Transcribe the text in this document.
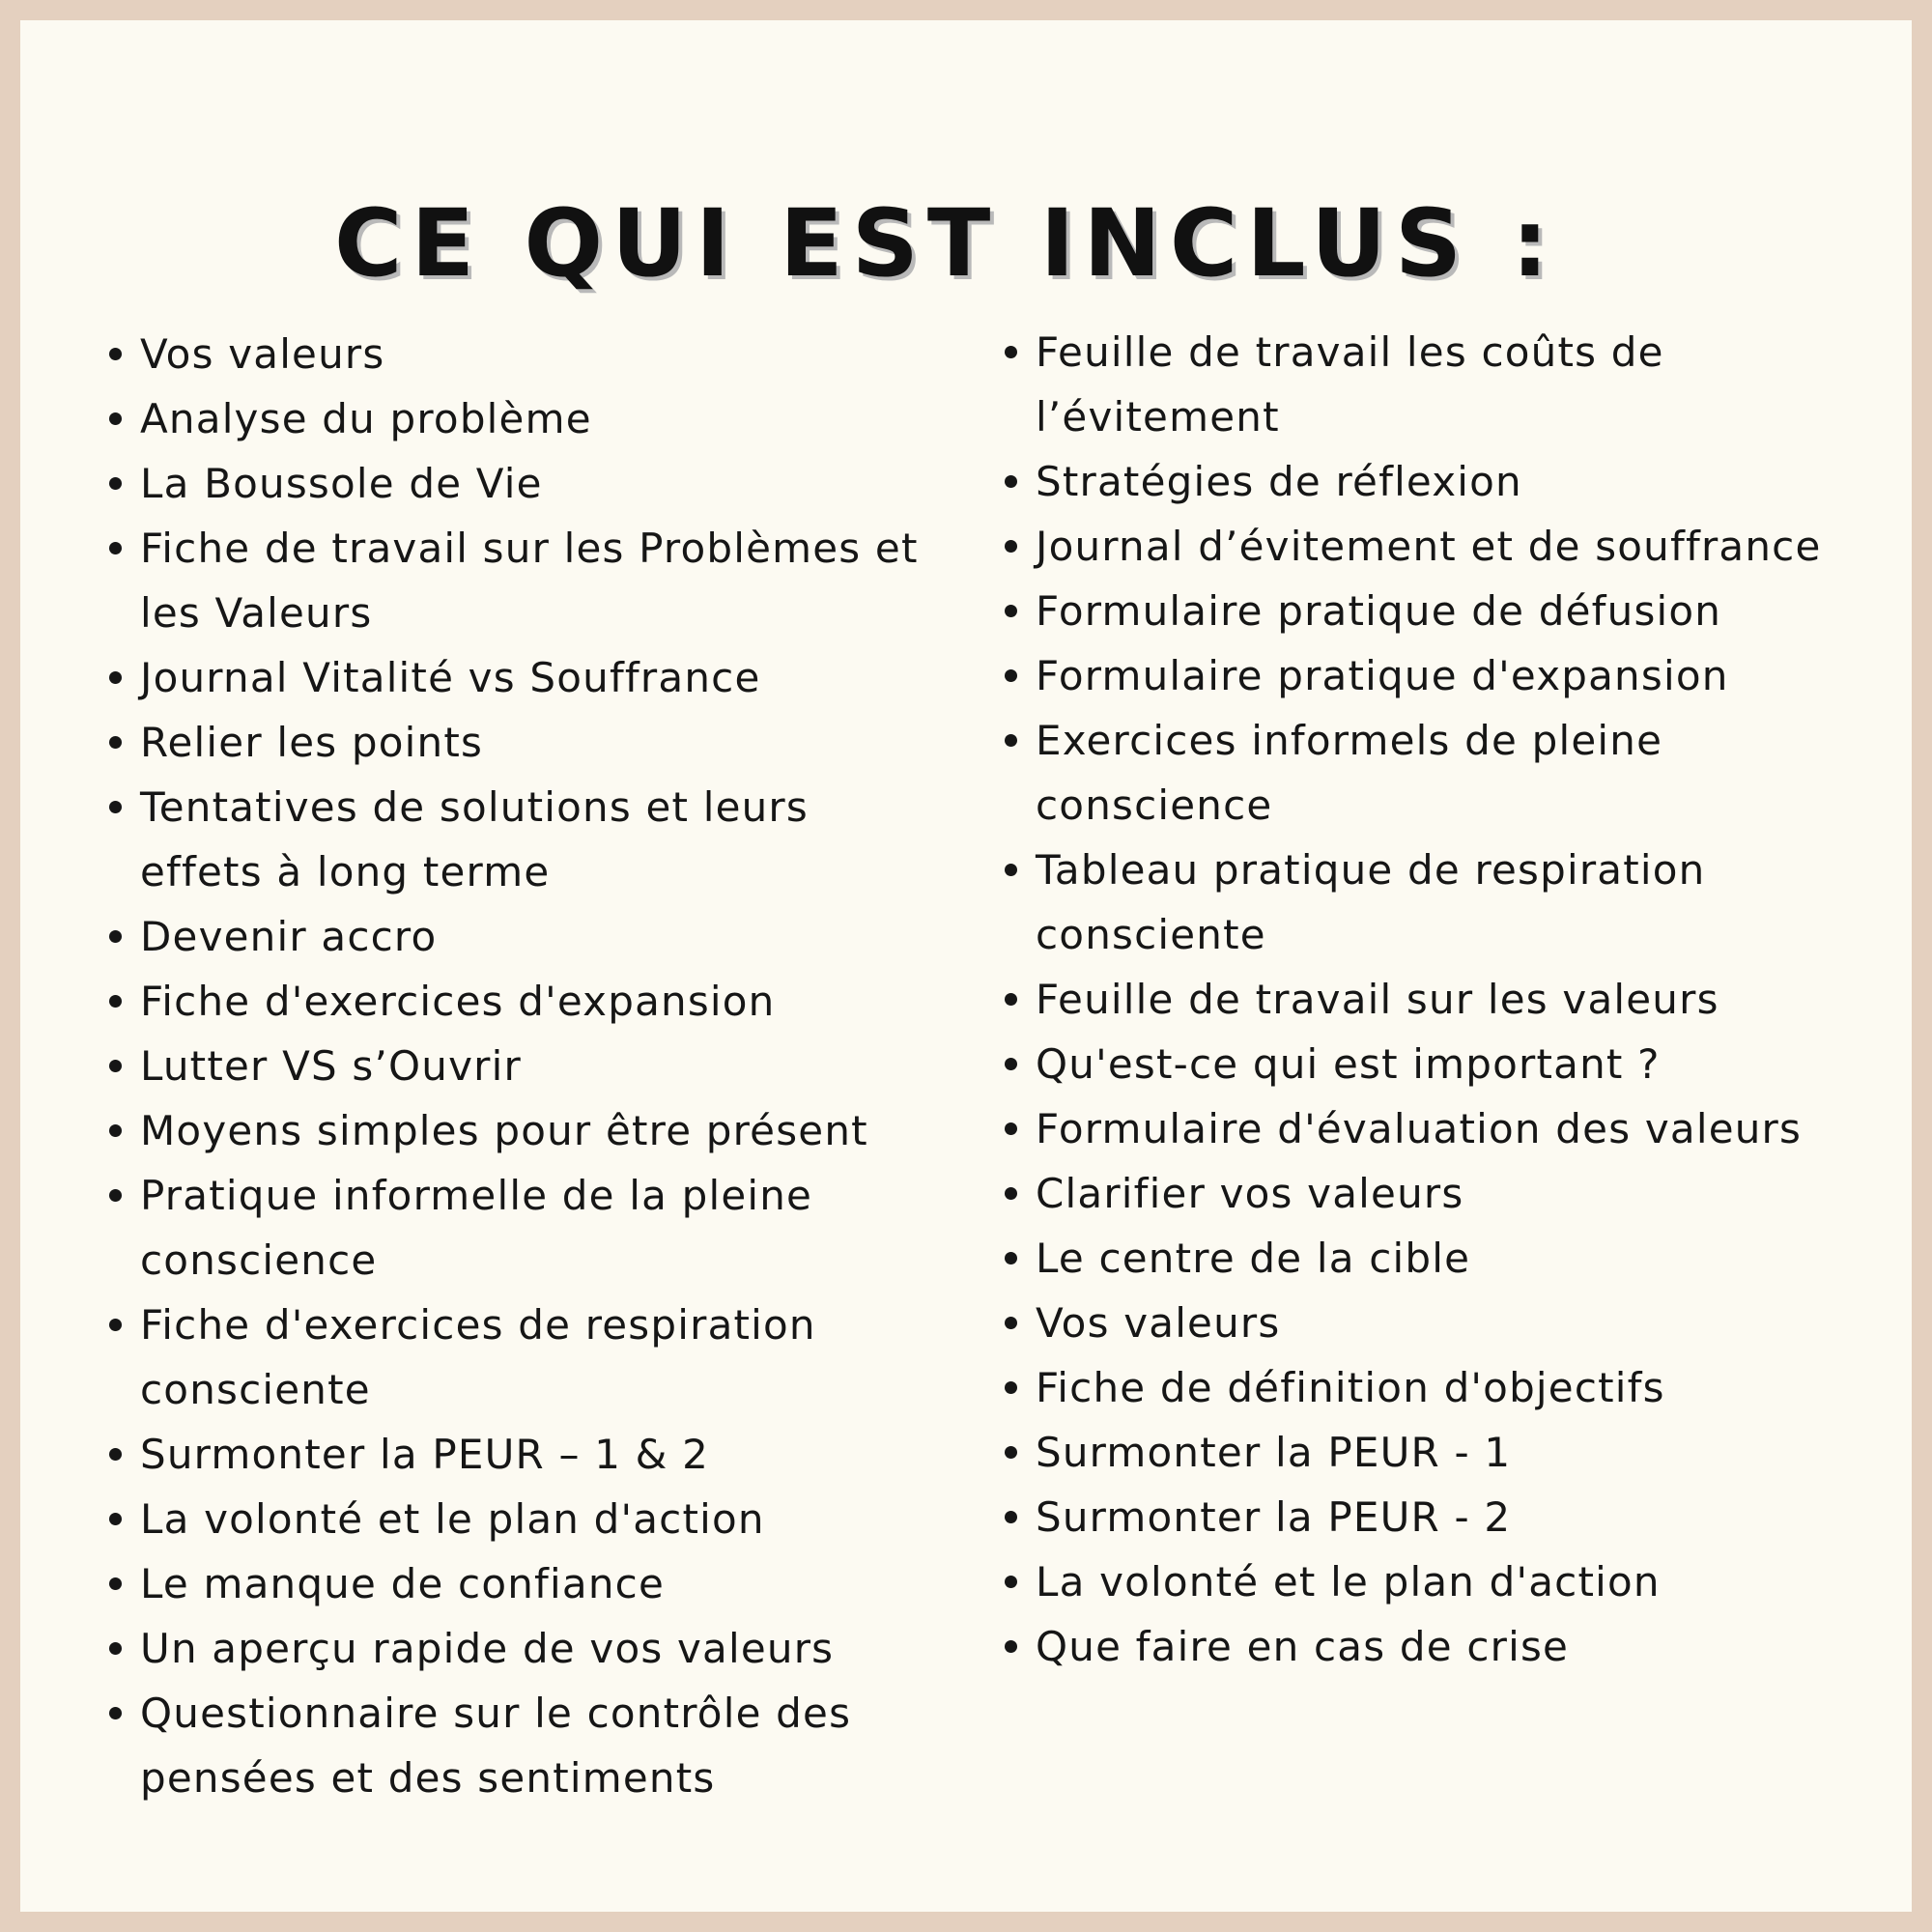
CE QUI EST INCLUS :
Vos valeurs
Analyse du problème
La Boussole de Vie
Fiche de travail sur les Problèmes et les Valeurs
Journal Vitalité vs Souffrance
Relier les points
Tentatives de solutions et leurs effets à long terme
Devenir accro
Fiche d'exercices d'expansion
Lutter VS s’Ouvrir
Moyens simples pour être présent
Pratique informelle de la pleine conscience
Fiche d'exercices de respiration consciente
Surmonter la PEUR – 1 & 2
La volonté et le plan d'action
Le manque de confiance
Un aperçu rapide de vos valeurs
Questionnaire sur le contrôle des pensées et des sentiments
Feuille de travail les coûts de l’évitement
Stratégies de réflexion
Journal d’évitement et de souffrance
Formulaire pratique de défusion
Formulaire pratique d'expansion
Exercices informels de pleine conscience
Tableau pratique de respiration consciente
Feuille de travail sur les valeurs
Qu'est-ce qui est important ?
Formulaire d'évaluation des valeurs
Clarifier vos valeurs
Le centre de la cible
Vos valeurs
Fiche de définition d'objectifs
Surmonter la PEUR - 1
Surmonter la PEUR - 2
La volonté et le plan d'action
Que faire en cas de crise
